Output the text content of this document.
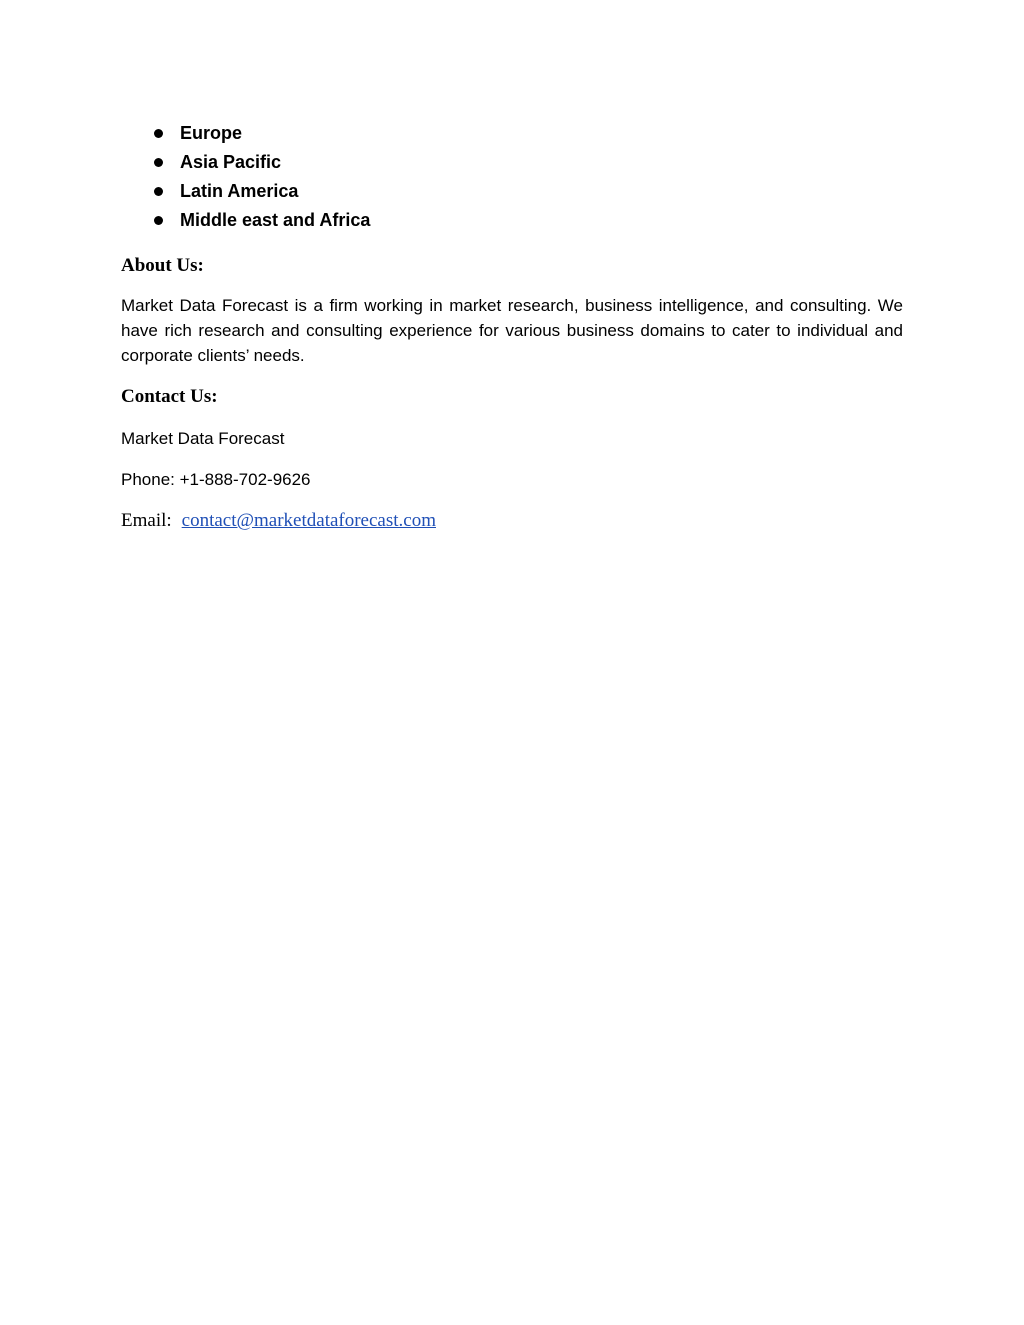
Europe
Asia Pacific
Latin America
Middle east and Africa
About Us:

Market Data Forecast is a firm working in market research, business intelligence, and consulting. We have rich research and consulting experience for various business domains to cater to individual and corporate clients’ needs.

Contact Us:

Market Data Forecast

Phone: +1-888-702-9626

Email: contact@marketdataforecast.com
